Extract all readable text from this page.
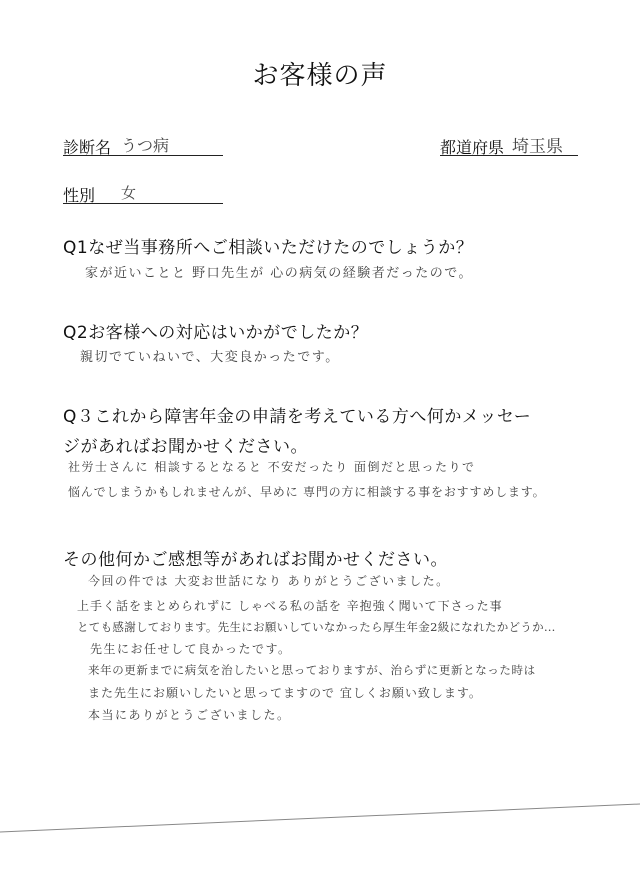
お客様の声
診断名 うつ病	都道府県 埼玉県
性別 女
Q1なぜ当事務所へご相談いただけたのでしょうか？
家が近いことと 野口先生が 心の病気の経験者だったので。
Q2お客様への対応はいかがでしたか？
親切でていねいで、大変良かったです。
Q３これから障害年金の申請を考えている方へ何かメッセー
ジがあればお聞かせください。
社労士さんに 相談するとなると 不安だったり 面倒だと思ったりで
悩んでしまうかもしれませんが、早めに 専門の方に相談する事をおすすめします。
その他何かご感想等があればお聞かせください。
今回の件では 大変お世話になり ありがとうございました。
上手く話をまとめられずに しゃべる私の話を 辛抱強く聞いて下さった事
とても感謝しております。先生にお願いしていなかったら厚生年金2級になれたかどうか…
先生にお任せして良かったです。
来年の更新までに病気を治したいと思っておりますが、治らずに更新となった時は
また先生にお願いしたいと思ってますので 宜しくお願い致します。
本当にありがとうございました。
